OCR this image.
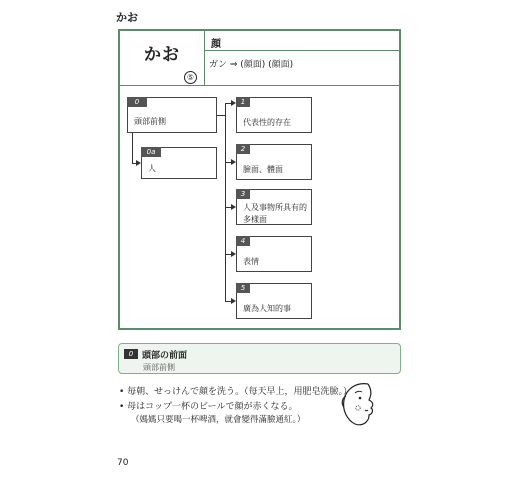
かお
かお
⑤
顔
ガン ⇒ (顔面) (顔面)
0
頭部前側
0a
人
1
代表性的存在
2
臉面、體面
3
人及事物所具有的多樣面
4
表情
5
廣為人知的事
0 頭部の前面
頭部前側
• 毎朝、せっけんで顔を洗う。（每天早上，用肥皂洗臉。）
• 母はコップ一杯のビールで顔が赤くなる。
（媽媽只要喝一杯啤酒，就會變得滿臉通紅。）
70
